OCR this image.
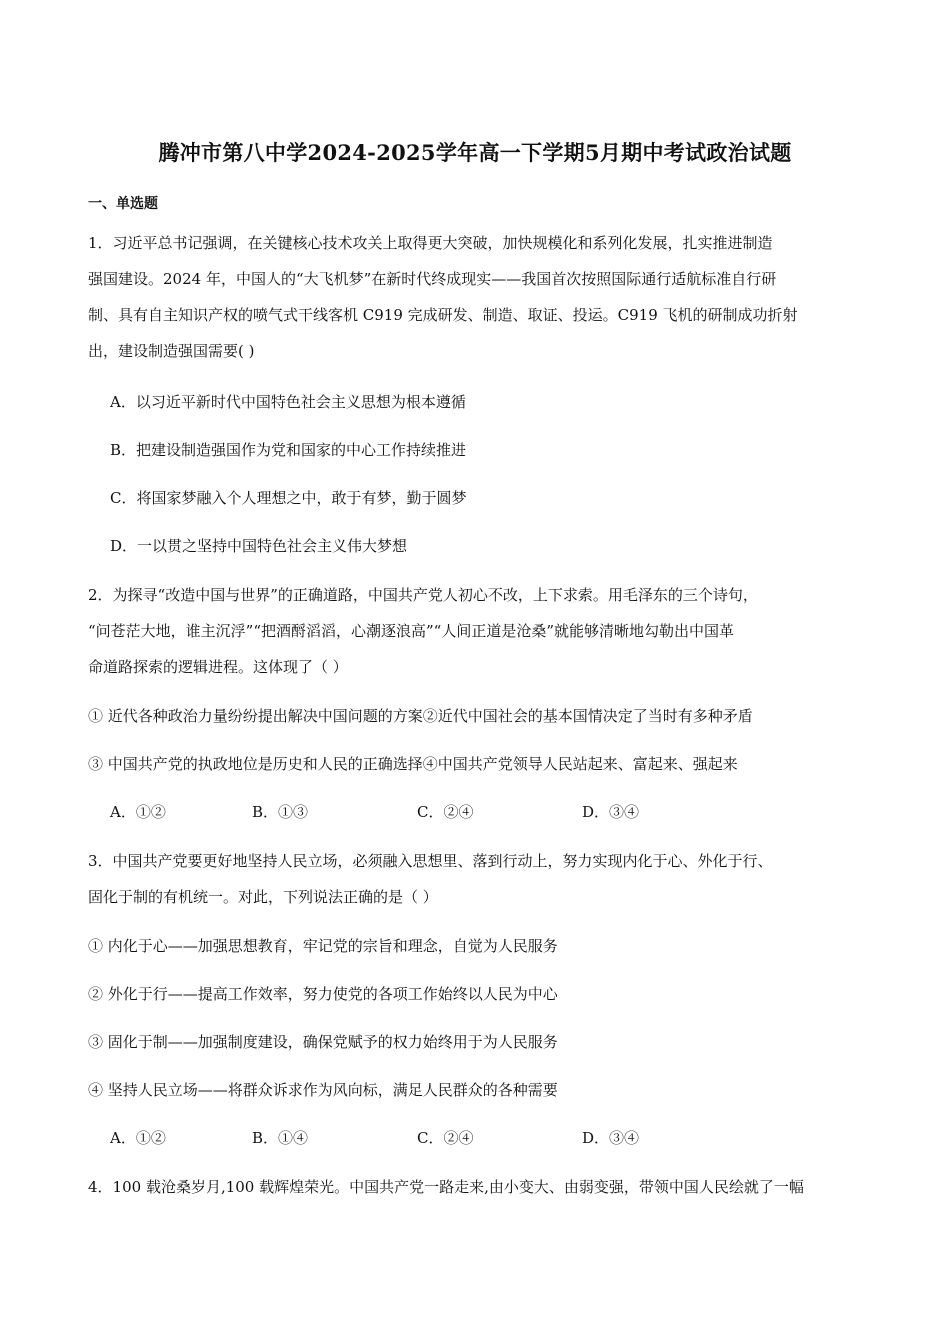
腾冲市第八中学2024-2025学年高一下学期5月期中考试政治试题
一、单选题
1．习近平总书记强调，在关键核心技术攻关上取得更大突破，加快规模化和系列化发展，扎实推进制造
强国建设。2024 年，中国人的“大飞机梦”在新时代终成现实——我国首次按照国际通行适航标准自行研
制、具有自主知识产权的喷气式干线客机 C919 完成研发、制造、取证、投运。C919 飞机的研制成功折射
出，建设制造强国需要( )
A．以习近平新时代中国特色社会主义思想为根本遵循
B．把建设制造强国作为党和国家的中心工作持续推进
C．将国家梦融入个人理想之中，敢于有梦，勤于圆梦
D．一以贯之坚持中国特色社会主义伟大梦想
2．为探寻“改造中国与世界”的正确道路，中国共产党人初心不改，上下求索。用毛泽东的三个诗句，
“问苍茫大地，谁主沉浮”“把酒酹滔滔，心潮逐浪高”“人间正道是沧桑”就能够清晰地勾勒出中国革
命道路探索的逻辑进程。这体现了（ ）
① 近代各种政治力量纷纷提出解决中国问题的方案②近代中国社会的基本国情决定了当时有多种矛盾
③ 中国共产党的执政地位是历史和人民的正确选择④中国共产党领导人民站起来、富起来、强起来
A．①②	B．①③	C．②④	D．③④
3．中国共产党要更好地坚持人民立场，必须融入思想里、落到行动上，努力实现内化于心、外化于行、
固化于制的有机统一。对此，下列说法正确的是（ ）
① 内化于心——加强思想教育，牢记党的宗旨和理念，自觉为人民服务
② 外化于行——提高工作效率，努力使党的各项工作始终以人民为中心
③ 固化于制——加强制度建设，确保党赋予的权力始终用于为人民服务
④ 坚持人民立场——将群众诉求作为风向标，满足人民群众的各种需要
A．①②	B．①④	C．②④	D．③④
4．100 载沧桑岁月,100 载辉煌荣光。中国共产党一路走来,由小变大、由弱变强，带领中国人民绘就了一幅
